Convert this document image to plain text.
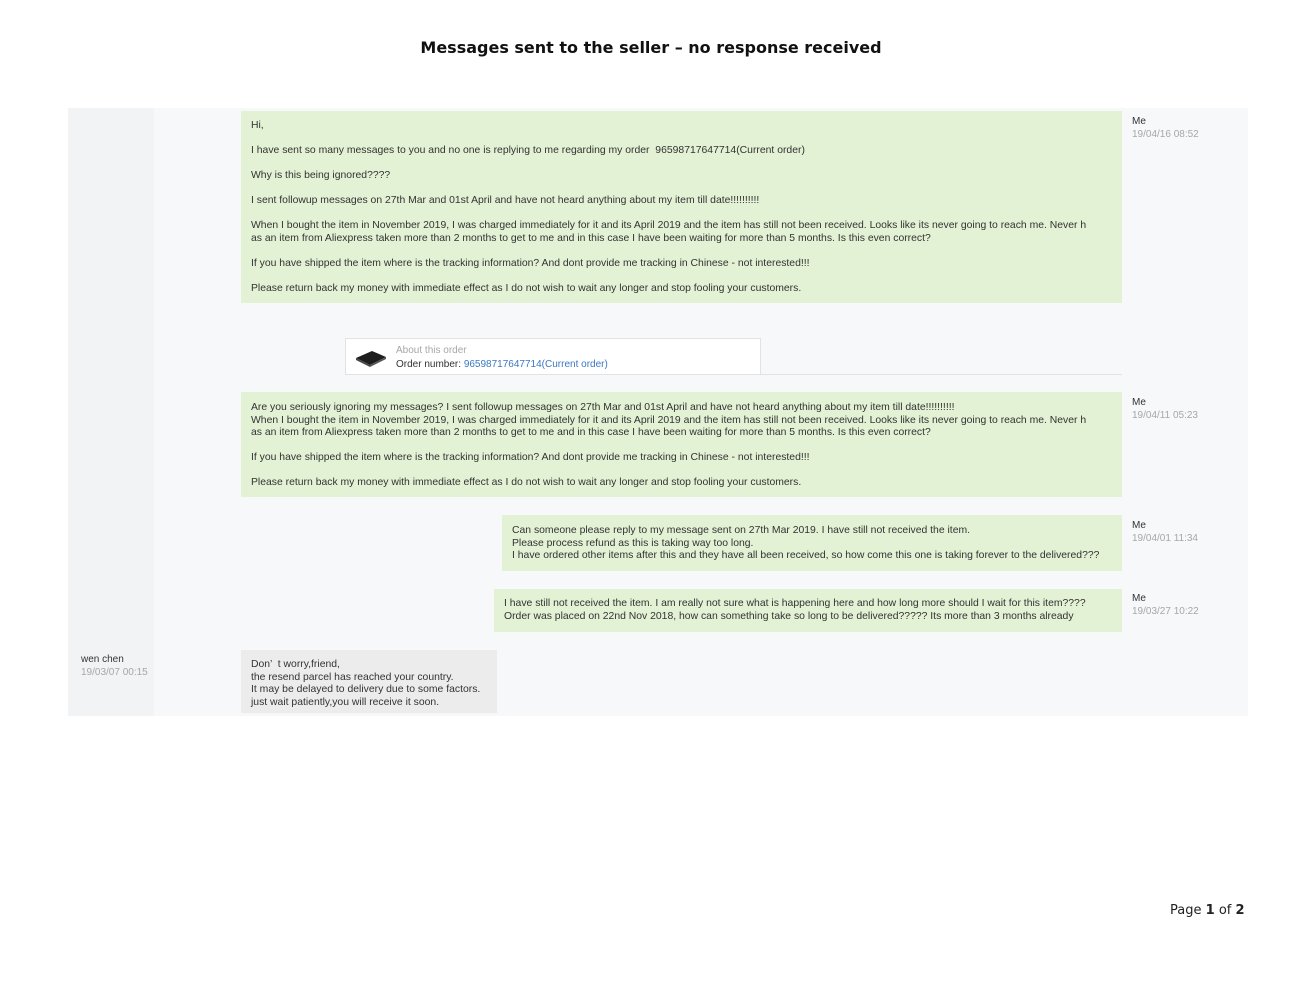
Messages sent to the seller – no response received

Hi,

I have sent so many messages to you and no one is replying to me regarding my order  96598717647714(Current order)

Why is this being ignored????

I sent followup messages on 27th Mar and 01st April and have not heard anything about my item till date!!!!!!!!!!

When I bought the item in November 2019, I was charged immediately for it and its April 2019 and the item has still not been received. Looks like its never going to reach me. Never h
as an item from Aliexpress taken more than 2 months to get to me and in this case I have been waiting for more than 5 months. Is this even correct?

If you have shipped the item where is the tracking information? And dont provide me tracking in Chinese - not interested!!!

Please return back my money with immediate effect as I do not wish to wait any longer and stop fooling your customers.

Me
19/04/16 08:52
About this order
Order number: 96598717647714(Current order)

Are you seriously ignoring my messages? I sent followup messages on 27th Mar and 01st April and have not heard anything about my item till date!!!!!!!!!!
When I bought the item in November 2019, I was charged immediately for it and its April 2019 and the item has still not been received. Looks like its never going to reach me. Never h
as an item from Aliexpress taken more than 2 months to get to me and in this case I have been waiting for more than 5 months. Is this even correct?

If you have shipped the item where is the tracking information? And dont provide me tracking in Chinese - not interested!!!

Please return back my money with immediate effect as I do not wish to wait any longer and stop fooling your customers.

Me
19/04/11 05:23

Can someone please reply to my message sent on 27th Mar 2019. I have still not received the item.
Please process refund as this is taking way too long.
I have ordered other items after this and they have all been received, so how come this one is taking forever to the delivered???

Me
19/04/01 11:34

I have still not received the item. I am really not sure what is happening here and how long more should I wait for this item????
Order was placed on 22nd Nov 2018, how can something take so long to be delivered????? Its more than 3 months already

Me
19/03/27 10:22
wen chen
19/03/07 00:15

Don’  t worry,friend,
the resend parcel has reached your country.
It may be delayed to delivery due to some factors.
just wait patiently,you will receive it soon.

Page 1 of 2
